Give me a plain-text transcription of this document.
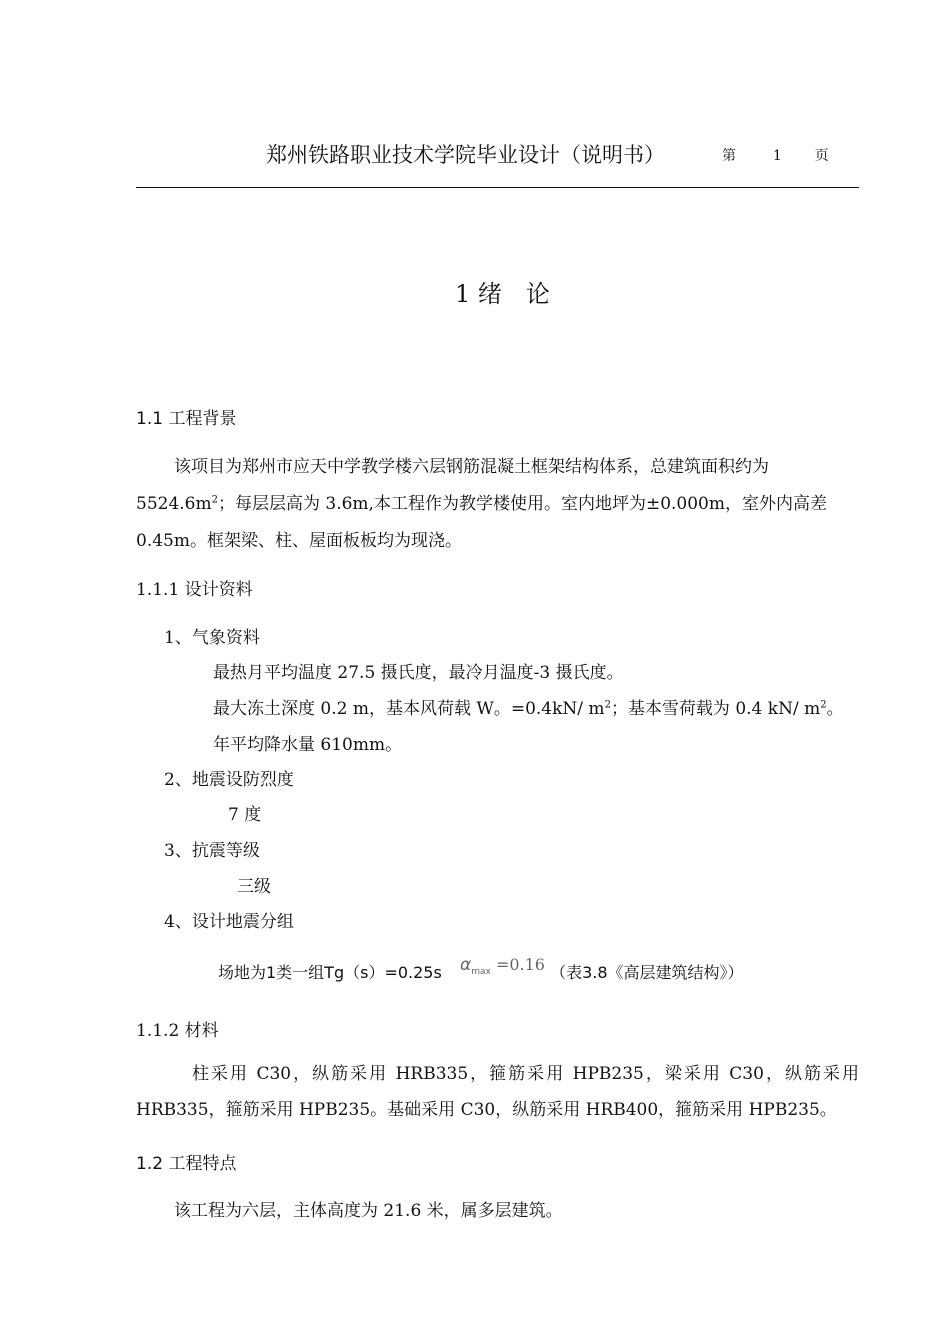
郑州铁路职业技术学院毕业设计（说明书）	第	1 页
1 绪　论
1.1 工程背景
该项目为郑州市应天中学教学楼六层钢筋混凝土框架结构体系，总建筑面积约为
$5524.6m^2$；每层层高为 3.6m,本工程作为教学楼使用。室内地坪为±0.000m，室外内高差
0.45m。框架梁、柱、屋面板板均为现浇。
1.1.1 设计资料
1、气象资料
最热月平均温度 27.5 摄氏度，最冷月温度-3 摄氏度。
最大冻土深度 0.2 m，基本风荷载 W。=0.4kN/ $m^2$；基本雪荷载为 0.4 kN/ $m^2$。
年平均降水量 610mm。
2、地震设防烈度
7 度
3、抗震等级
三级
4、设计地震分组
场地为1类一组Tg（s）=0.25s $\alpha^{max} =0.16$ （表3.8《高层建筑结构》）
1.1.2 材料
柱采用 C30，纵筋采用 HRB335，箍筋采用 HPB235，梁采用 C30，纵筋采用 HRB335，箍筋采用 HPB235。基础采用 C30，纵筋采用 HRB400，箍筋采用 HPB235。
1.2 工程特点
该工程为六层，主体高度为 21.6 米，属多层建筑。
